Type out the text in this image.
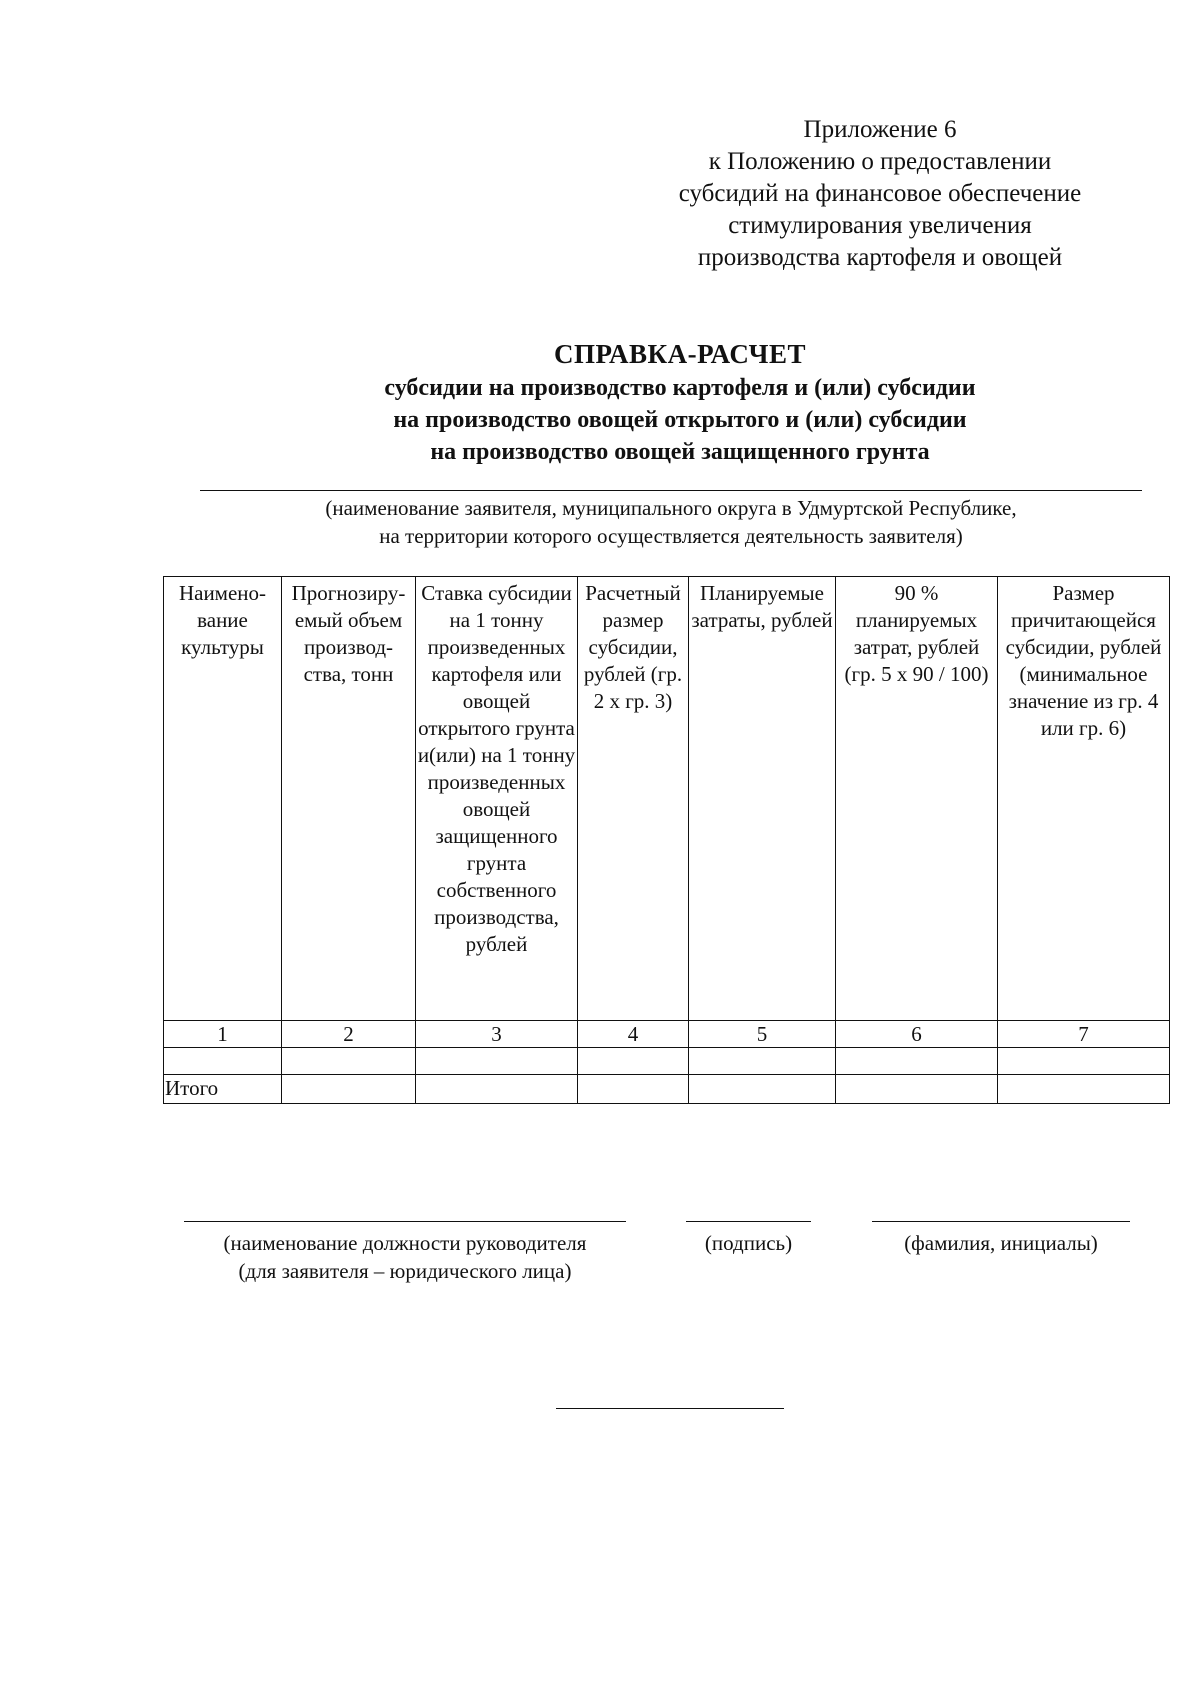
Приложение 6
к Положению о предоставлении
субсидий на финансовое обеспечение
стимулирования увеличения
производства картофеля и овощей
СПРАВКА-РАСЧЕТ
субсидии на производство картофеля и (или) субсидии
на производство овощей открытого и (или) субсидии
на производство овощей защищенного грунта
(наименование заявителя, муниципального округа в Удмуртской Республике,
на территории которого осуществляется деятельность заявителя)
Наимено-вание культуры	Прогнозиру-емый объем производ-ства, тонн	Ставка субсидии на 1 тонну произведенных картофеля или овощей открытого грунта и(или) на 1 тонну произведенных овощей защищенного грунта собственного производства, рублей	Расчетный размер субсидии, рублей (гр. 2 х гр. 3)	Планируемые затраты, рублей	90 % планируемых затрат, рублей (гр. 5 х 90 / 100)	Размер причитающейся субсидии, рублей (минимальное значение из гр. 4 или гр. 6)
1	2	3	4	5	6	7

Итого						
(наименование должности руководителя
(для заявителя – юридического лица)
(подпись)	(фамилия, инициалы)
